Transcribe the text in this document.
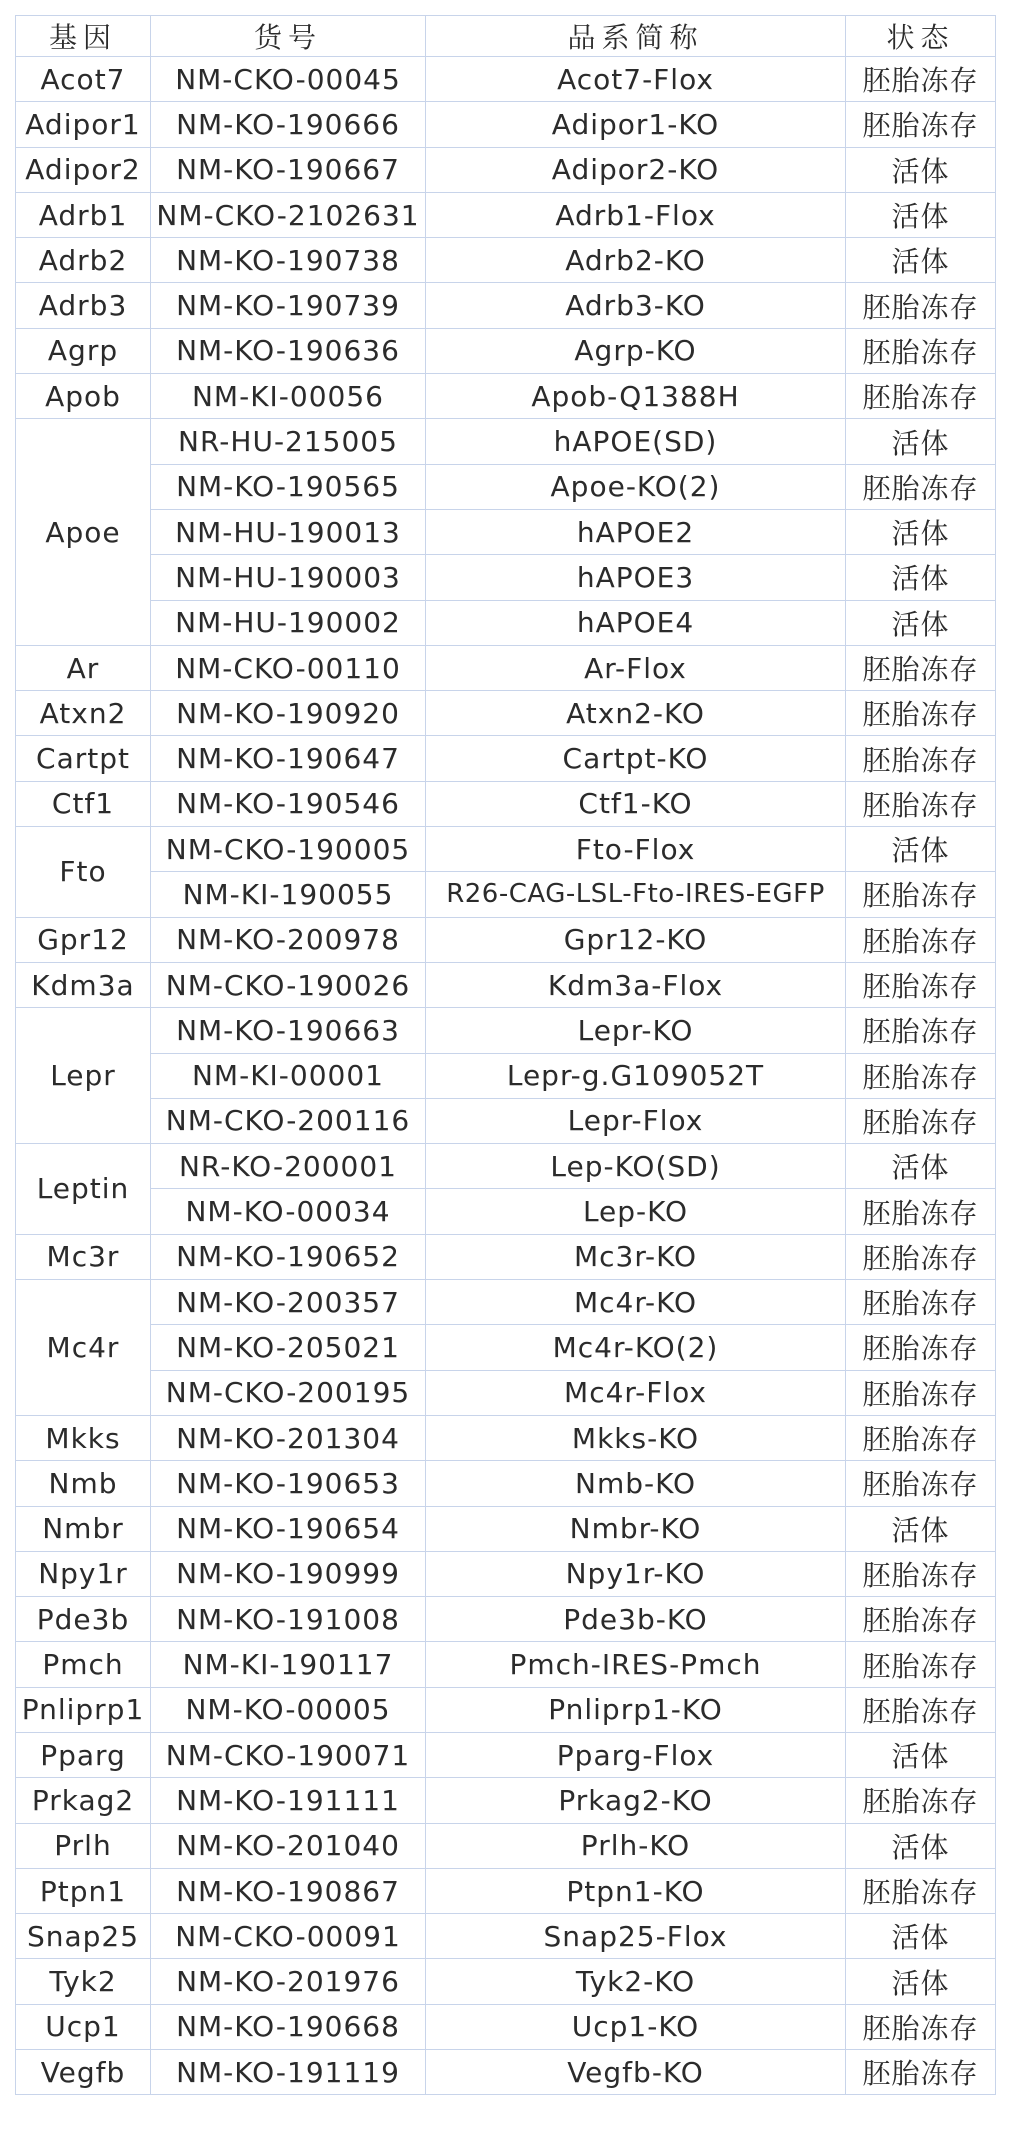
基因	货号	品系简称	状态
Acot7	NM-CKO-00045	Acot7-Flox	胚胎冻存
Adipor1	NM-KO-190666	Adipor1-KO	胚胎冻存
Adipor2	NM-KO-190667	Adipor2-KO	活体
Adrb1	NM-CKO-2102631	Adrb1-Flox	活体
Adrb2	NM-KO-190738	Adrb2-KO	活体
Adrb3	NM-KO-190739	Adrb3-KO	胚胎冻存
Agrp	NM-KO-190636	Agrp-KO	胚胎冻存
Apob	NM-KI-00056	Apob-Q1388H	胚胎冻存
Apoe	NR-HU-215005	hAPOE(SD)	活体
	NM-KO-190565	Apoe-KO(2)	胚胎冻存
	NM-HU-190013	hAPOE2	活体
	NM-HU-190003	hAPOE3	活体
	NM-HU-190002	hAPOE4	活体
Ar	NM-CKO-00110	Ar-Flox	胚胎冻存
Atxn2	NM-KO-190920	Atxn2-KO	胚胎冻存
Cartpt	NM-KO-190647	Cartpt-KO	胚胎冻存
Ctf1	NM-KO-190546	Ctf1-KO	胚胎冻存
Fto	NM-CKO-190005	Fto-Flox	活体
	NM-KI-190055	R26-CAG-LSL-Fto-IRES-EGFP	胚胎冻存
Gpr12	NM-KO-200978	Gpr12-KO	胚胎冻存
Kdm3a	NM-CKO-190026	Kdm3a-Flox	胚胎冻存
Lepr	NM-KO-190663	Lepr-KO	胚胎冻存
	NM-KI-00001	Lepr-g.G109052T	胚胎冻存
	NM-CKO-200116	Lepr-Flox	胚胎冻存
Leptin	NR-KO-200001	Lep-KO(SD)	活体
	NM-KO-00034	Lep-KO	胚胎冻存
Mc3r	NM-KO-190652	Mc3r-KO	胚胎冻存
Mc4r	NM-KO-200357	Mc4r-KO	胚胎冻存
	NM-KO-205021	Mc4r-KO(2)	胚胎冻存
	NM-CKO-200195	Mc4r-Flox	胚胎冻存
Mkks	NM-KO-201304	Mkks-KO	胚胎冻存
Nmb	NM-KO-190653	Nmb-KO	胚胎冻存
Nmbr	NM-KO-190654	Nmbr-KO	活体
Npy1r	NM-KO-190999	Npy1r-KO	胚胎冻存
Pde3b	NM-KO-191008	Pde3b-KO	胚胎冻存
Pmch	NM-KI-190117	Pmch-IRES-Pmch	胚胎冻存
Pnliprp1	NM-KO-00005	Pnliprp1-KO	胚胎冻存
Pparg	NM-CKO-190071	Pparg-Flox	活体
Prkag2	NM-KO-191111	Prkag2-KO	胚胎冻存
Prlh	NM-KO-201040	Prlh-KO	活体
Ptpn1	NM-KO-190867	Ptpn1-KO	胚胎冻存
Snap25	NM-CKO-00091	Snap25-Flox	活体
Tyk2	NM-KO-201976	Tyk2-KO	活体
Ucp1	NM-KO-190668	Ucp1-KO	胚胎冻存
Vegfb	NM-KO-191119	Vegfb-KO	胚胎冻存
